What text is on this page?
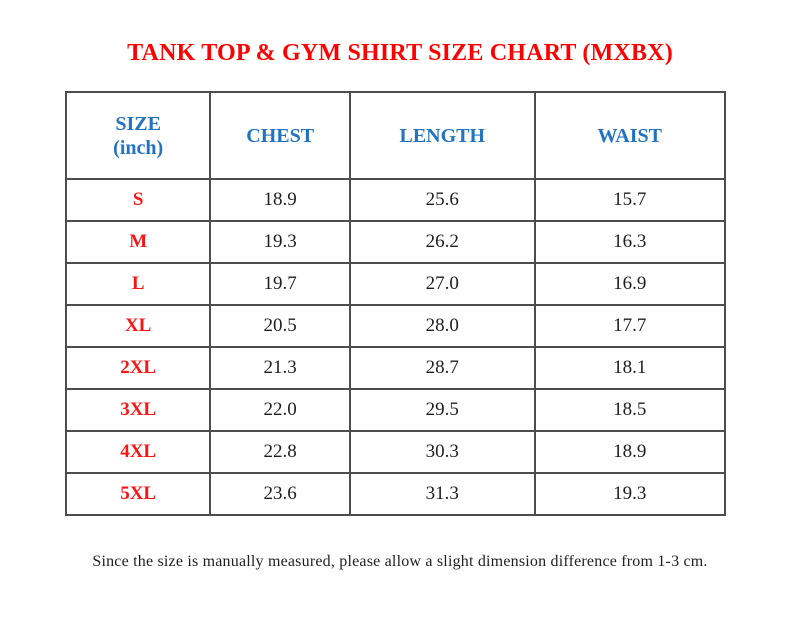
TANK TOP & GYM SHIRT SIZE CHART (MXBX)
SIZE
(inch)	CHEST	LENGTH	WAIST
S	18.9	25.6	15.7
M	19.3	26.2	16.3
L	19.7	27.0	16.9
XL	20.5	28.0	17.7
2XL	21.3	28.7	18.1
3XL	22.0	29.5	18.5
4XL	22.8	30.3	18.9
5XL	23.6	31.3	19.3
Since the size is manually measured, please allow a slight dimension difference from 1-3 cm.
